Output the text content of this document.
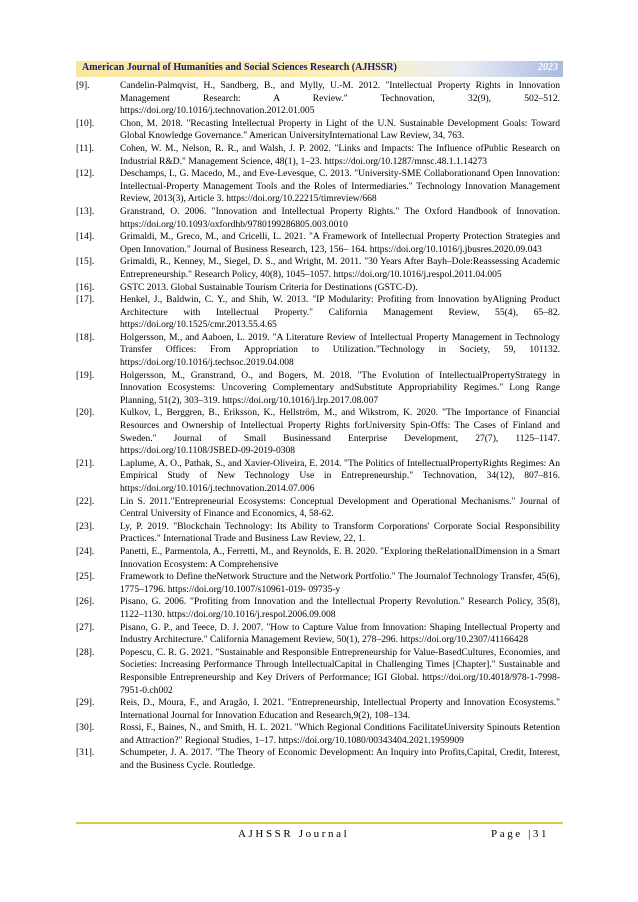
American Journal of Humanities and Social Sciences Research (AJHSSR)	2023
[9].	Candelin-Palmqvist, H., Sandberg, B., and Mylly, U.-M. 2012. "Intellectual Property Rights in Innovation Management Research: A Review." Technovation, 32(9), 502–512. https://doi.org/10.1016/j.technovation.2012.01.005
[10].	Chon, M. 2018. "Recasting Intellectual Property in Light of the U.N. Sustainable Development Goals: Toward Global Knowledge Governance." American UniversityInternational Law Review, 34, 763.
[11].	Cohen, W. M., Nelson, R. R., and Walsh, J. P. 2002. "Links and Impacts: The Influence ofPublic Research on Industrial R&D." Management Science, 48(1), 1–23. https://doi.org/10.1287/mnsc.48.1.1.14273
[12].	Deschamps, I., G. Macedo, M., and Eve-Levesque, C. 2013. "University-SME Collaborationand Open Innovation: Intellectual-Property Management Tools and the Roles of Intermediaries." Technology Innovation Management Review, 2013(3), Article 3. https://doi.org/10.22215/timreview/668
[13].	Granstrand, O. 2006. "Innovation and Intellectual Property Rights." The Oxford Handbook of Innovation. https://doi.org/10.1093/oxfordhb/9780199286805.003.0010
[14].	Grimaldi, M., Greco, M., and Cricelli, L. 2021. "A Framework of Intellectual Property Protection Strategies and Open Innovation." Journal of Business Research, 123, 156– 164. https://doi.org/10.1016/j.jbusres.2020.09.043
[15].	Grimaldi, R., Kenney, M., Siegel, D. S., and Wright, M. 2011. "30 Years After Bayh–Dole:Reassessing Academic Entrepreneurship." Research Policy, 40(8), 1045–1057. https://doi.org/10.1016/j.respol.2011.04.005
[16].	GSTC 2013. Global Sustainable Tourism Criteria for Destinations (GSTC-D).
[17].	Henkel, J., Baldwin, C. Y., and Shih, W. 2013. "IP Modularity: Profiting from Innovation byAligning Product Architecture with Intellectual Property." California Management Review, 55(4), 65–82. https://doi.org/10.1525/cmr.2013.55.4.65
[18].	Holgersson, M., and Aaboen, L. 2019. "A Literature Review of Intellectual Property Management in Technology Transfer Offices: From Appropriation to Utilization."Technology in Society, 59, 101132. https://doi.org/10.1016/j.techsoc.2019.04.008
[19].	Holgersson, M., Granstrand, O., and Bogers, M. 2018. "The Evolution of IntellectualPropertyStrategy in Innovation Ecosystems: Uncovering Complementary andSubstitute Appropriability Regimes." Long Range Planning, 51(2), 303–319. https://doi.org/10.1016/j.lrp.2017.08.007
[20].	Kulkov, I., Berggren, B., Eriksson, K., Hellström, M., and Wikstrom, K. 2020. "The Importance of Financial Resources and Ownership of Intellectual Property Rights forUniversity Spin-Offs: The Cases of Finland and Sweden." Journal of Small Businessand Enterprise Development, 27(7), 1125–1147. https://doi.org/10.1108/JSBED-09-2019-0308
[21].	Laplume, A. O., Pathak, S., and Xavier-Oliveira, E. 2014. "The Politics of IntellectualPropertyRights Regimes: An Empirical Study of New Technology Use in Entrepreneurship." Technovation, 34(12), 807–816. https://doi.org/10.1016/j.technovation.2014.07.006
[22].	Lin S. 2011."Entrepreneurial Ecosystems: Conceptual Development and Operational Mechanisms." Journal of Central University of Finance and Economics, 4, 58-62.
[23].	Ly, P. 2019. "Blockchain Technology: Its Ability to Transform Corporations' Corporate Social Responsibility Practices." International Trade and Business Law Review, 22, 1.
[24].	Panetti, E., Parmentola, A., Ferretti, M., and Reynolds, E. B. 2020. "Exploring theRelationalDimension in a Smart Innovation Ecosystem: A Comprehensive
[25].	Framework to Define theNetwork Structure and the Network Portfolio." The Journalof Technology Transfer, 45(6), 1775–1796. https://doi.org/10.1007/s10961-019- 09735-y
[26].	Pisano, G. 2006. "Profiting from Innovation and the Intellectual Property Revolution." Research Policy, 35(8), 1122–1130. https://doi.org/10.1016/j.respol.2006.09.008
[27].	Pisano, G. P., and Teece, D. J. 2007. "How to Capture Value from Innovation: Shaping Intellectual Property and Industry Architecture." California Management Review, 50(1), 278–296. https://doi.org/10.2307/41166428
[28].	Popescu, C. R. G. 2021. "Sustainable and Responsible Entrepreneurship for Value-BasedCultures, Economies, and Societies: Increasing Performance Through IntellectualCapital in Challenging Times [Chapter]." Sustainable and Responsible Entrepreneurship and Key Drivers of Performance; IGI Global. https://doi.org/10.4018/978-1-7998-7951-0.ch002
[29].	Reis, D., Moura, F., and Aragão, I. 2021. "Entrepreneurship, Intellectual Property and Innovation Ecosystems." International Journal for Innovation Education and Research,9(2), 108–134.
[30].	Rossi, F., Baines, N., and Smith, H. L. 2021. "Which Regional Conditions FacilitateUniversity Spinouts Retention and Attraction?" Regional Studies, 1–17. https://doi.org/10.1080/00343404.2021.1959909
[31].	Schumpeter, J. A. 2017. "The Theory of Economic Development: An Inquiry into Profits,Capital, Credit, Interest, and the Business Cycle. Routledge.
AJHSSR Journal	Page |31
